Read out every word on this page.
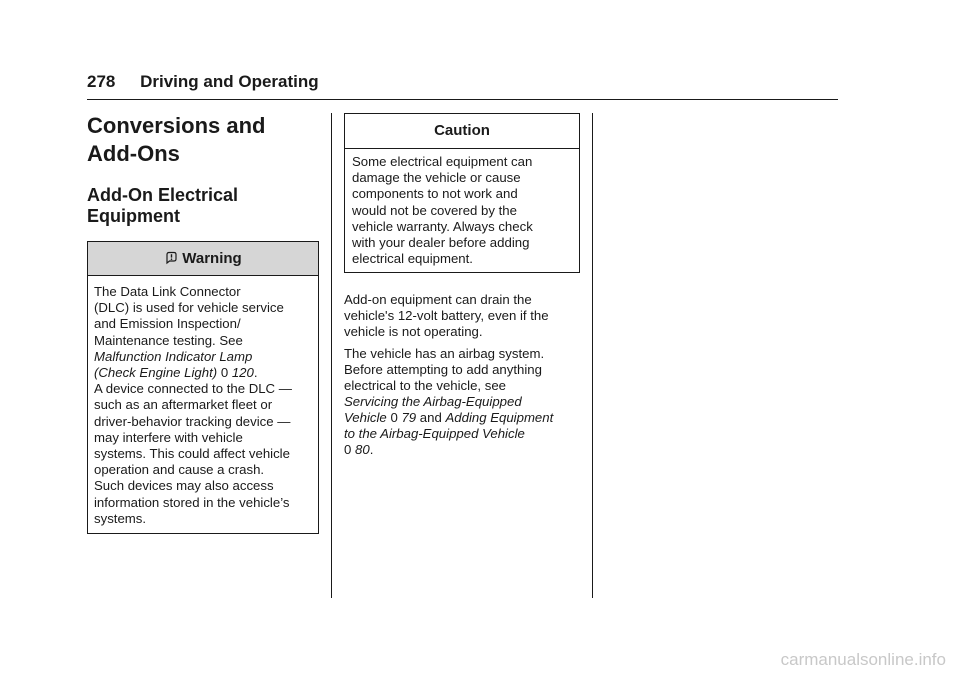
278 Driving and Operating
Conversions and
Add-Ons
Add-On Electrical
Equipment
Warning
The Data Link Connector
(DLC) is used for vehicle service
and Emission Inspection/
Maintenance testing. See
Malfunction Indicator Lamp
(Check Engine Light) 0 120.
A device connected to the DLC —
such as an aftermarket fleet or
driver-behavior tracking device —
may interfere with vehicle
systems. This could affect vehicle
operation and cause a crash.
Such devices may also access
information stored in the vehicle’s
systems.
Caution
Some electrical equipment can
damage the vehicle or cause
components to not work and
would not be covered by the
vehicle warranty. Always check
with your dealer before adding
electrical equipment.
Add-on equipment can drain the
vehicle's 12-volt battery, even if the
vehicle is not operating.
The vehicle has an airbag system.
Before attempting to add anything
electrical to the vehicle, see
Servicing the Airbag-Equipped
Vehicle 0 79 and Adding Equipment
to the Airbag-Equipped Vehicle
0 80.
carmanualsonline.info
